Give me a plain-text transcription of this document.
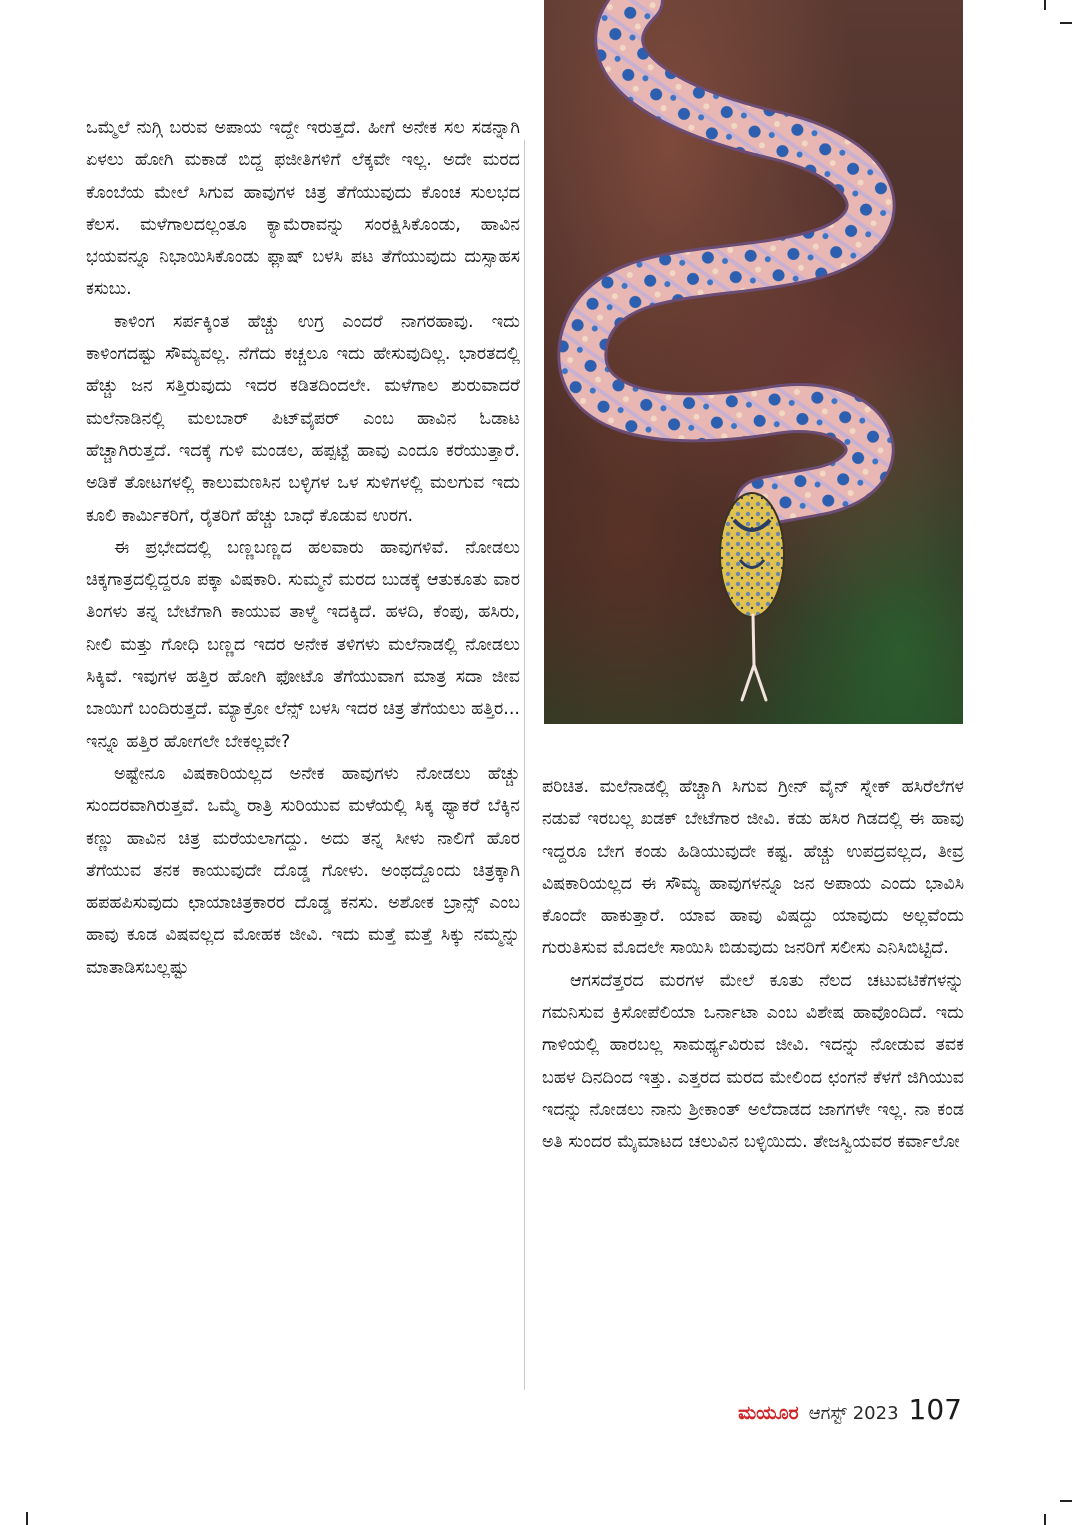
ಒಮ್ಮೆಲೆ ನುಗ್ಗಿ ಬರುವ ಅಪಾಯ ಇದ್ದೇ ಇರುತ್ತದೆ. ಹೀಗೆ ಅನೇಕ ಸಲ ಸಡನ್ನಾಗಿ ಏಳಲು ಹೋಗಿ ಮಕಾಡೆ ಬಿದ್ದ ಫಜೀತಿಗಳಿಗೆ ಲೆಕ್ಕವೇ ಇಲ್ಲ. ಅದೇ ಮರದ ಕೊಂಬೆಯ ಮೇಲೆ ಸಿಗುವ ಹಾವುಗಳ ಚಿತ್ರ ತೆಗೆಯುವುದು ಕೊಂಚ ಸುಲಭದ ಕೆಲಸ. ಮಳೆಗಾಲದಲ್ಲಂತೂ ಕ್ಯಾಮೆರಾವನ್ನು ಸಂರಕ್ಷಿಸಿಕೊಂಡು, ಹಾವಿನ ಭಯವನ್ನೂ ನಿಭಾಯಿಸಿಕೊಂಡು ಫ್ಲಾಷ್ ಬಳಸಿ ಪಟ ತೆಗೆಯುವುದು ದುಸ್ಸಾಹಸ ಕಸುಬು.

ಕಾಳಿಂಗ ಸರ್ಪಕ್ಕಿಂತ ಹೆಚ್ಚು ಉಗ್ರ ಎಂದರೆ ನಾಗರಹಾವು. ಇದು ಕಾಳಿಂಗದಷ್ಟು ಸೌಮ್ಯವಲ್ಲ. ನೆಗೆದು ಕಚ್ಚಲೂ ಇದು ಹೇಸುವುದಿಲ್ಲ. ಭಾರತದಲ್ಲಿ ಹೆಚ್ಚು ಜನ ಸತ್ತಿರುವುದು ಇದರ ಕಡಿತದಿಂದಲೇ. ಮಳೆಗಾಲ ಶುರುವಾದರೆ ಮಲೆನಾಡಿನಲ್ಲಿ ಮಲಬಾರ್ ಪಿಟ್‌ವೈಪರ್ ಎಂಬ ಹಾವಿನ ಓಡಾಟ ಹೆಚ್ಚಾಗಿರುತ್ತದೆ. ಇದಕ್ಕೆ ಗುಳಿ ಮಂಡಲ, ಹಪ್ಪಟ್ಟೆ ಹಾವು ಎಂದೂ ಕರೆಯುತ್ತಾರೆ. ಅಡಿಕೆ ತೋಟಗಳಲ್ಲಿ ಕಾಲುಮಣಸಿನ ಬಳ್ಳಿಗಳ ಒಳ ಸುಳಿಗಳಲ್ಲಿ ಮಲಗುವ ಇದು ಕೂಲಿ ಕಾರ್ಮಿಕರಿಗೆ, ರೈತರಿಗೆ ಹೆಚ್ಚು ಬಾಧೆ ಕೊಡುವ ಉರಗ.

ಈ ಪ್ರಭೇದದಲ್ಲಿ ಬಣ್ಣಬಣ್ಣದ ಹಲವಾರು ಹಾವುಗಳಿವೆ. ನೋಡಲು ಚಿಕ್ಕಗಾತ್ರದಲ್ಲಿದ್ದರೂ ಪಕ್ಕಾ ವಿಷಕಾರಿ. ಸುಮ್ಮನೆ ಮರದ ಬುಡಕ್ಕೆ ಆತುಕೂತು ವಾರ ತಿಂಗಳು ತನ್ನ ಬೇಟೆಗಾಗಿ ಕಾಯುವ ತಾಳ್ಮೆ ಇದಕ್ಕಿದೆ. ಹಳದಿ, ಕೆಂಪು, ಹಸಿರು, ನೀಲಿ ಮತ್ತು ಗೋಧಿ ಬಣ್ಣದ ಇದರ ಅನೇಕ ತಳಿಗಳು ಮಲೆನಾಡಲ್ಲಿ ನೋಡಲು ಸಿಕ್ಕಿವೆ. ಇವುಗಳ ಹತ್ತಿರ ಹೋಗಿ ಫೋಟೊ ತೆಗೆಯುವಾಗ ಮಾತ್ರ ಸದಾ ಜೀವ ಬಾಯಿಗೆ ಬಂದಿರುತ್ತದೆ. ಮ್ಯಾಕ್ರೋ ಲೆನ್ಸ್ ಬಳಸಿ ಇದರ ಚಿತ್ರ ತೆಗೆಯಲು ಹತ್ತಿರ... ಇನ್ನೂ ಹತ್ತಿರ ಹೋಗಲೇ ಬೇಕಲ್ಲವೇ?

ಅಷ್ಟೇನೂ ವಿಷಕಾರಿಯಲ್ಲದ ಅನೇಕ ಹಾವುಗಳು ನೋಡಲು ಹೆಚ್ಚು ಸುಂದರವಾಗಿರುತ್ತವೆ. ಒಮ್ಮೆ ರಾತ್ರಿ ಸುರಿಯುವ ಮಳೆಯಲ್ಲಿ ಸಿಕ್ಕ ಥ್ಯಾಕರೆ ಬೆಕ್ಕಿನ ಕಣ್ಣು ಹಾವಿನ ಚಿತ್ರ ಮರೆಯಲಾಗದ್ದು. ಅದು ತನ್ನ ಸೀಳು ನಾಲಿಗೆ ಹೊರ ತೆಗೆಯುವ ತನಕ ಕಾಯುವುದೇ ದೊಡ್ಡ ಗೋಳು. ಅಂಥದ್ದೊಂದು ಚಿತ್ರಕ್ಕಾಗಿ ಹಪಹಪಿಸುವುದು ಛಾಯಾಚಿತ್ರಕಾರರ ದೊಡ್ಡ ಕನಸು. ಅಶೋಕ ಬ್ರಾನ್ಸ್ ಎಂಬ ಹಾವು ಕೂಡ ವಿಷವಲ್ಲದ ಮೋಹಕ ಜೀವಿ. ಇದು ಮತ್ತೆ ಮತ್ತೆ ಸಿಕ್ಕು ನಮ್ಮನ್ನು ಮಾತಾಡಿಸಬಲ್ಲಷ್ಟು

ಪರಿಚಿತ. ಮಲೆನಾಡಲ್ಲಿ ಹೆಚ್ಚಾಗಿ ಸಿಗುವ ಗ್ರೀನ್ ವೈನ್ ಸ್ನೇಕ್ ಹಸಿರೆಲೆಗಳ ನಡುವೆ ಇರಬಲ್ಲ ಖಡಕ್ ಬೇಟೆಗಾರ ಜೀವಿ. ಕಡು ಹಸಿರ ಗಿಡದಲ್ಲಿ ಈ ಹಾವು ಇದ್ದರೂ ಬೇಗ ಕಂಡು ಹಿಡಿಯುವುದೇ ಕಷ್ಟ. ಹೆಚ್ಚು ಉಪದ್ರವಲ್ಲದ, ತೀವ್ರ ವಿಷಕಾರಿಯಲ್ಲದ ಈ ಸೌಮ್ಯ ಹಾವುಗಳನ್ನೂ ಜನ ಅಪಾಯ ಎಂದು ಭಾವಿಸಿ ಕೊಂದೇ ಹಾಕುತ್ತಾರೆ. ಯಾವ ಹಾವು ವಿಷದ್ದು ಯಾವುದು ಅಲ್ಲವೆಂದು ಗುರುತಿಸುವ ಮೊದಲೇ ಸಾಯಿಸಿ ಬಿಡುವುದು ಜನರಿಗೆ ಸಲೀಸು ಎನಿಸಿಬಿಟ್ಟಿದೆ.

ಆಗಸದೆತ್ತರದ ಮರಗಳ ಮೇಲೆ ಕೂತು ನೆಲದ ಚಟುವಟಿಕೆಗಳನ್ನು ಗಮನಿಸುವ ಕ್ರಿಸೋಪೆಲಿಯಾ ಒರ್ನಾಟಾ ಎಂಬ ವಿಶೇಷ ಹಾವೊಂದಿದೆ. ಇದು ಗಾಳಿಯಲ್ಲಿ ಹಾರಬಲ್ಲ ಸಾಮರ್ಥ್ಯವಿರುವ ಜೀವಿ. ಇದನ್ನು ನೋಡುವ ತವಕ ಬಹಳ ದಿನದಿಂದ ಇತ್ತು. ಎತ್ತರದ ಮರದ ಮೇಲಿಂದ ಛಂಗನೆ ಕೆಳಗೆ ಜಿಗಿಯುವ ಇದನ್ನು ನೋಡಲು ನಾನು ಶ್ರೀಕಾಂತ್ ಅಲೆದಾಡದ ಜಾಗಗಳೇ ಇಲ್ಲ. ನಾ ಕಂಡ ಅತಿ ಸುಂದರ ಮೈಮಾಟದ ಚಲುವಿನ ಬಳ್ಳಿಯಿದು. ತೇಜಸ್ವಿಯವರ ಕರ್ವಾಲೋ

ಮಯೂರ ಆಗಸ್ಟ್ 2023 107
